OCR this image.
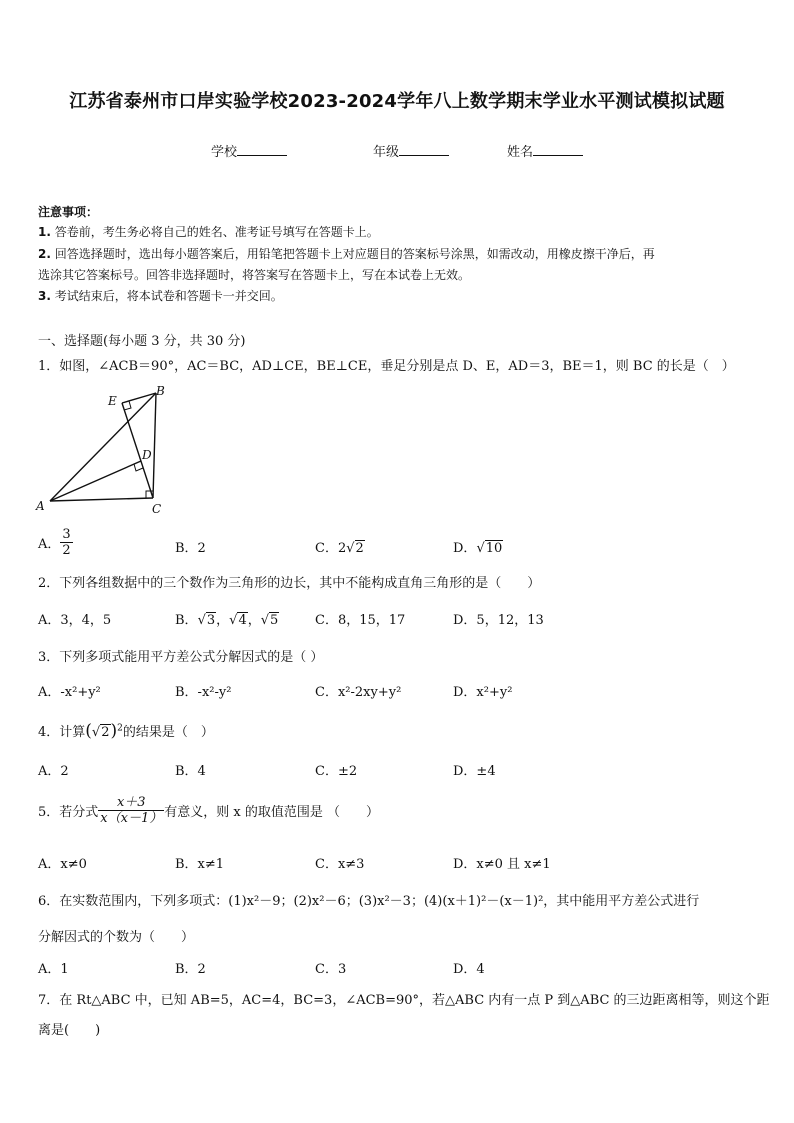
江苏省泰州市口岸实验学校2023-2024学年八上数学期末学业水平测试模拟试题
学校	年级	姓名
注意事项：
1. 答卷前，考生务必将自己的姓名、准考证号填写在答题卡上。
2. 回答选择题时，选出每小题答案后，用铅笔把答题卡上对应题目的答案标号涂黑，如需改动，用橡皮擦干净后，再
选涂其它答案标号。回答非选择题时，将答案写在答题卡上，写在本试卷上无效。
3. 考试结束后，将本试卷和答题卡一并交回。
一、选择题(每小题 3 分，共 30 分)
1．如图，∠ACB＝90°，AC＝BC，AD⊥CE，BE⊥CE，垂足分别是点 D、E，AD＝3，BE＝1，则 BC 的长是（　）
A
B
C
D
E
A． $\frac{3}{2}$	B．2	C．2√2	D．√10
2．下列各组数据中的三个数作为三角形的边长，其中不能构成直角三角形的是（　　）
A．3，4，5	B．√3，√4，√5	C．8，15，17	D．5，12，13
3．下列多项式能用平方差公式分解因式的是（ ）
A．-x²+y²	B．-x²-y²	C．x²-2xy+y²	D．x²+y²
4．计算$(√2)^2$的结果是（　）
A．2	B．4	C．±2	D．±4
5．若分式 $\frac{x+3}{x(x-1)}$ 有意义，则 x 的取值范围是 （　　）
A．x≠0	B．x≠1	C．x≠3	D．x≠0 且 x≠1
6．在实数范围内，下列多项式：(1)x²－9；(2)x²－6；(3)x²－3；(4)(x＋1)²－(x－1)²，其中能用平方差公式进行
分解因式的个数为（　　）
A．1	B．2	C．3	D．4
7．在 Rt△ABC 中，已知 AB=5，AC=4，BC=3，∠ACB=90°，若△ABC 内有一点 P 到△ABC 的三边距离相等，则这个距
离是(　　)
